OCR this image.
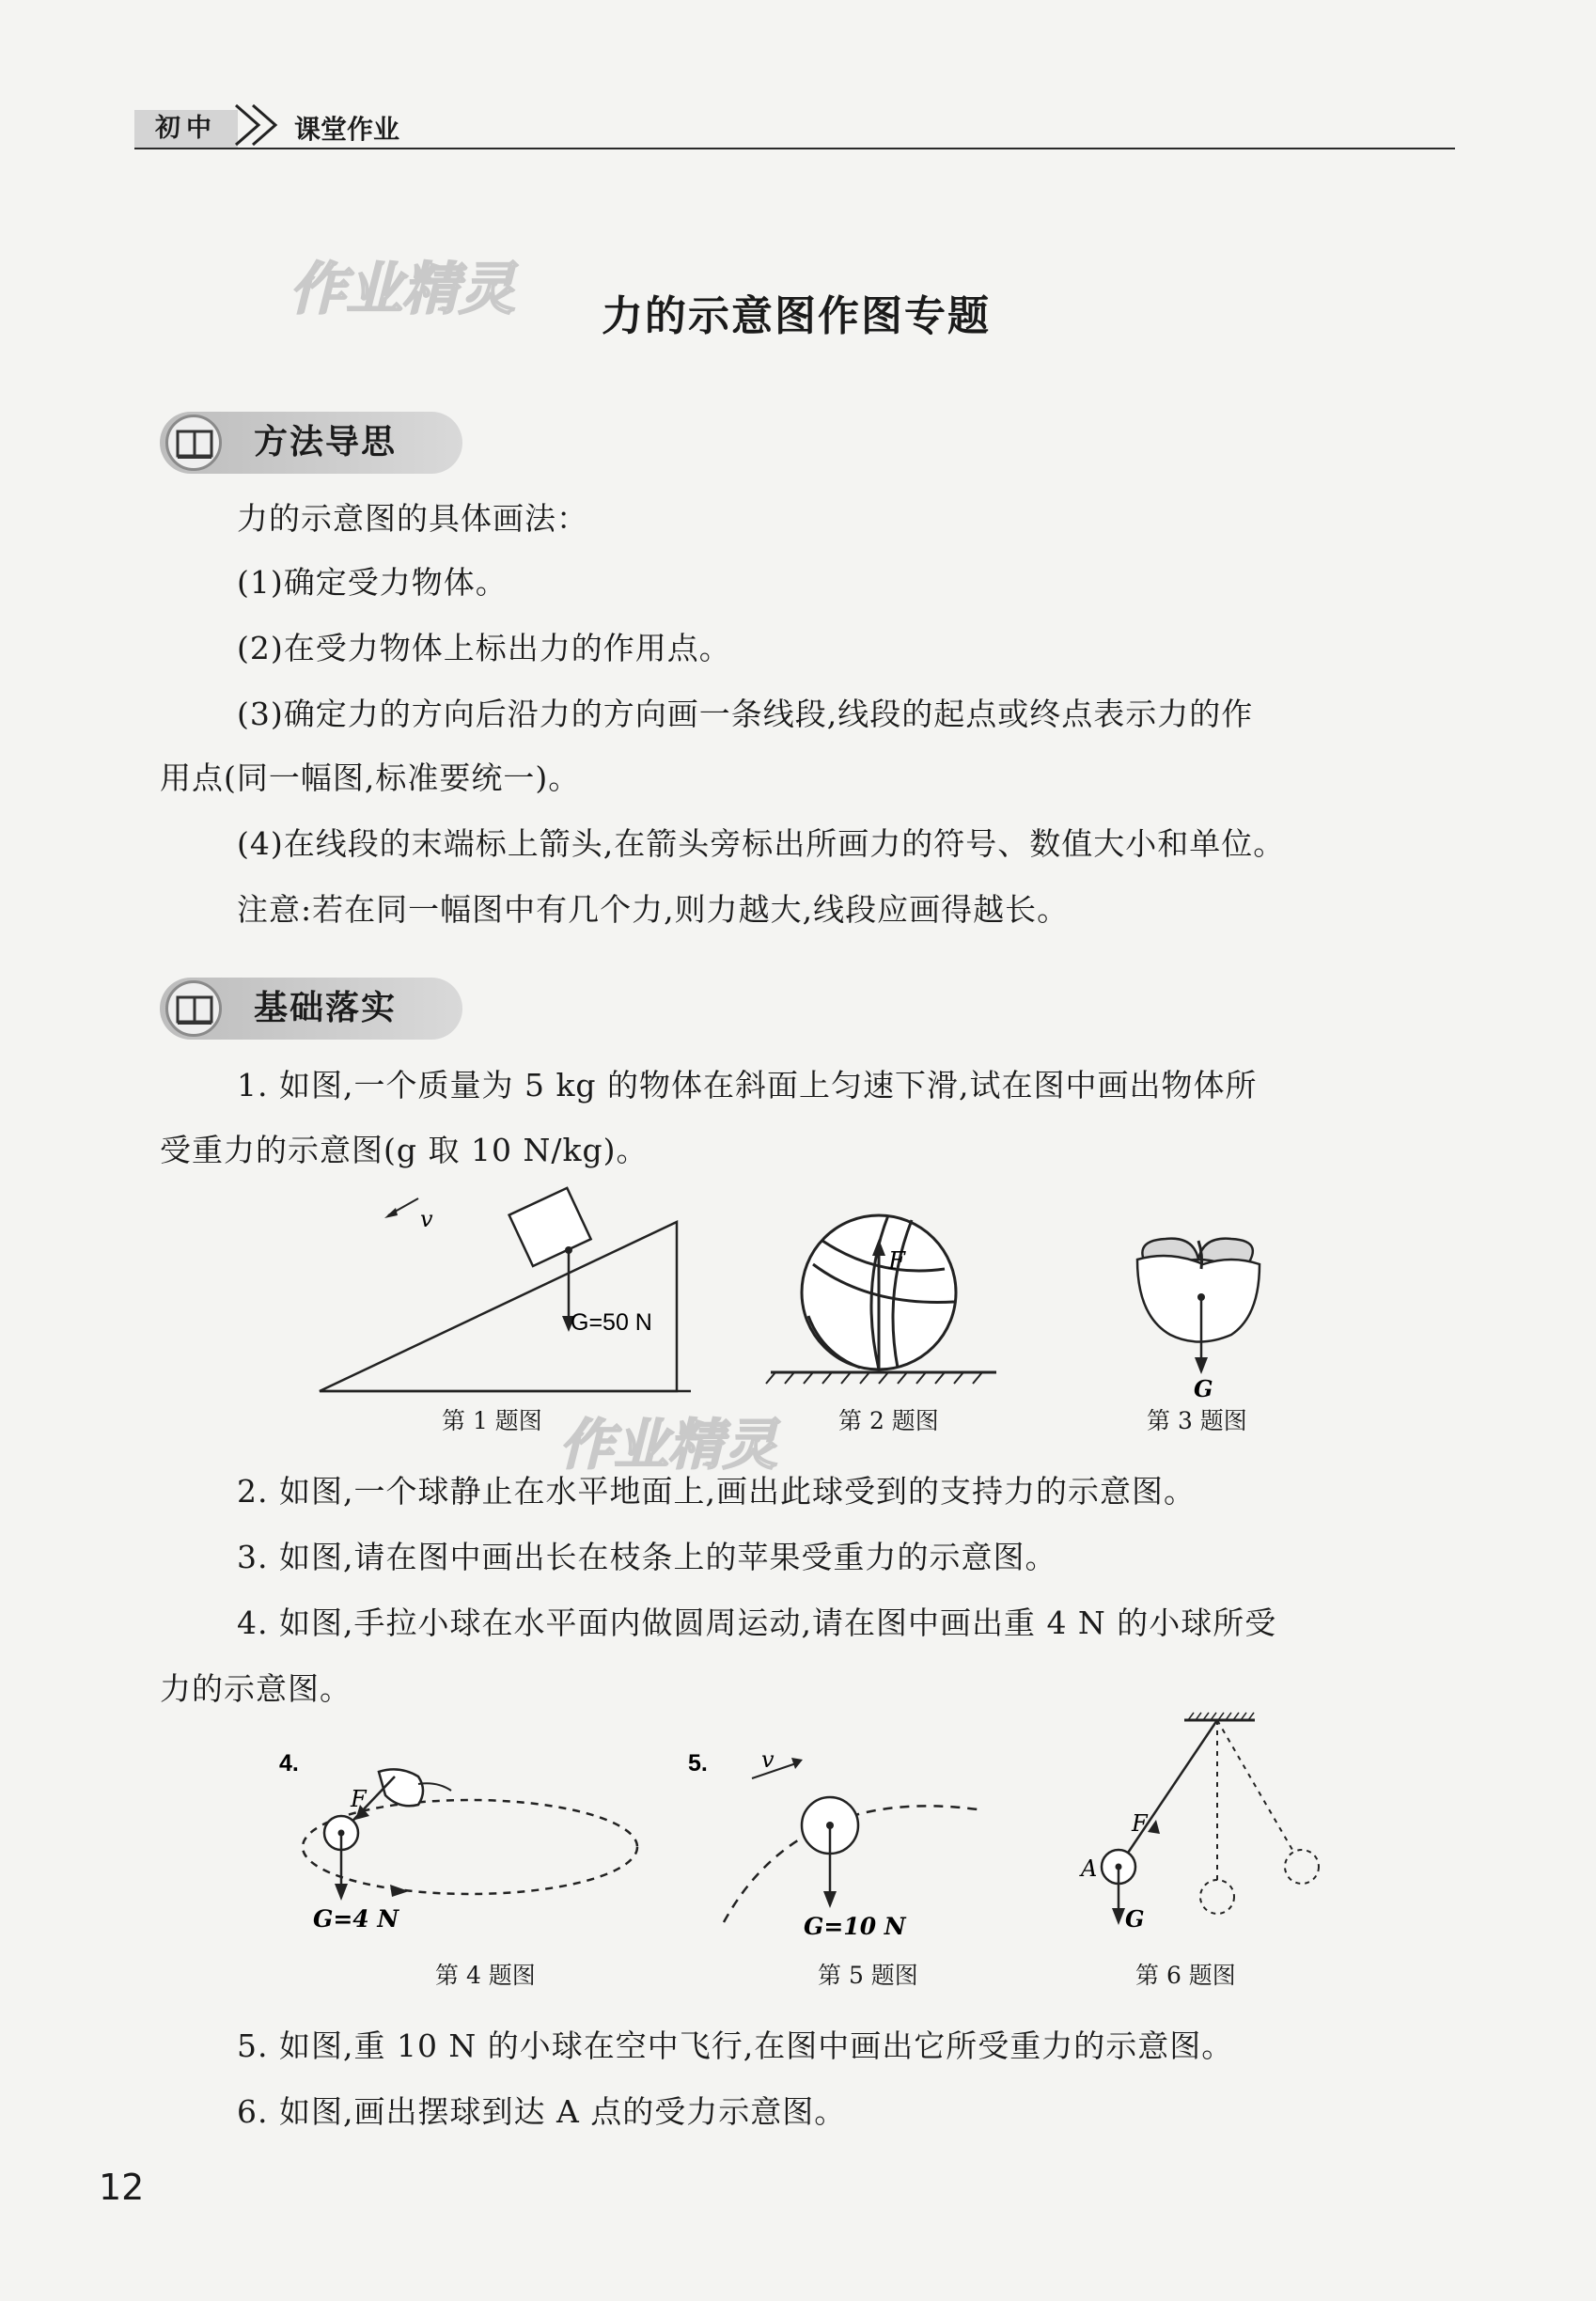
初中	课堂作业
作业精灵
作业精灵
力的示意图作图专题
方法导思
力的示意图的具体画法：
(1)确定受力物体。
(2)在受力物体上标出力的作用点。
(3)确定力的方向后沿力的方向画一条线段,线段的起点或终点表示力的作
用点(同一幅图,标准要统一)。
(4)在线段的末端标上箭头,在箭头旁标出所画力的符号、数值大小和单位。
注意:若在同一幅图中有几个力,则力越大,线段应画得越长。
基础落实
1. 如图,一个质量为 5 kg 的物体在斜面上匀速下滑,试在图中画出物体所
受重力的示意图(g 取 10 N/kg)。
v
G=50 N
第 1 题图
F
第 2 题图
G
第 3 题图
2. 如图,一个球静止在水平地面上,画出此球受到的支持力的示意图。
3. 如图,请在图中画出长在枝条上的苹果受重力的示意图。
4. 如图,手拉小球在水平面内做圆周运动,请在图中画出重 4 N 的小球所受
力的示意图。
4.
F
G=4 N
第 4 题图
5. v
G=10 N
第 5 题图
F
A
G
第 6 题图
5. 如图,重 10 N 的小球在空中飞行,在图中画出它所受重力的示意图。
6. 如图,画出摆球到达 A 点的受力示意图。
12
